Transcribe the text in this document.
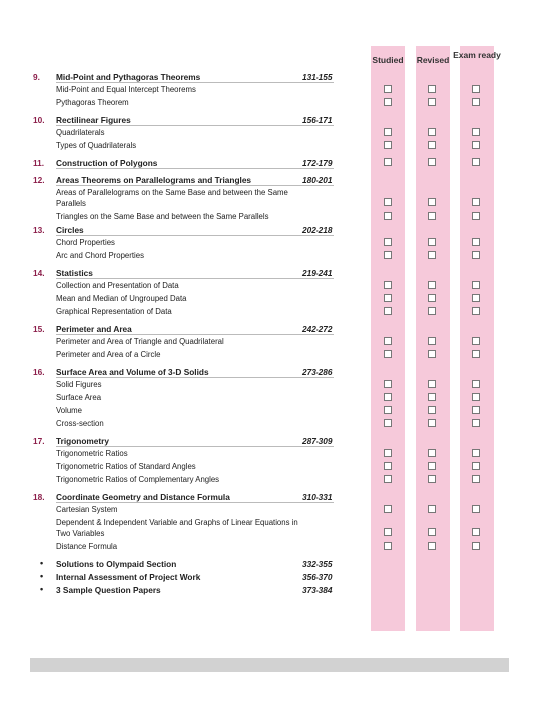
Studied	Revised Exam ready
9. Mid-Point and Pythagoras Theorems	131-155
Mid-Point and Equal Intercept Theorems
Pythagoras Theorem
10. Rectilinear Figures	156-171
Quadrilaterals
Types of Quadrilaterals
11. Construction of Polygons	172-179
12. Areas Theorems on Parallelograms and Triangles	180-201
Areas of Parallelograms on the Same Base and between the Same Parallels
Triangles on the Same Base and between the Same Parallels
13. Circles	202-218
Chord Properties
Arc and Chord Properties
14. Statistics	219-241
Collection and Presentation of Data
Mean and Median of Ungrouped Data
Graphical Representation of Data
15. Perimeter and Area	242-272
Perimeter and Area of Triangle and Quadrilateral
Perimeter and Area of a Circle
16. Surface Area and Volume of 3-D Solids	273-286
Solid Figures
Surface Area
Volume
Cross-section
17. Trigonometry	287-309
Trigonometric Ratios
Trigonometric Ratios of Standard Angles
Trigonometric Ratios of Complementary Angles
18. Coordinate Geometry and Distance Formula	310-331
Cartesian System
Dependent & Independent Variable and Graphs of Linear Equations in Two Variables
Distance Formula
• Solutions to Olympaid Section	332-355
• Internal Assessment of Project Work	356-370
• 3 Sample Question Papers	373-384
